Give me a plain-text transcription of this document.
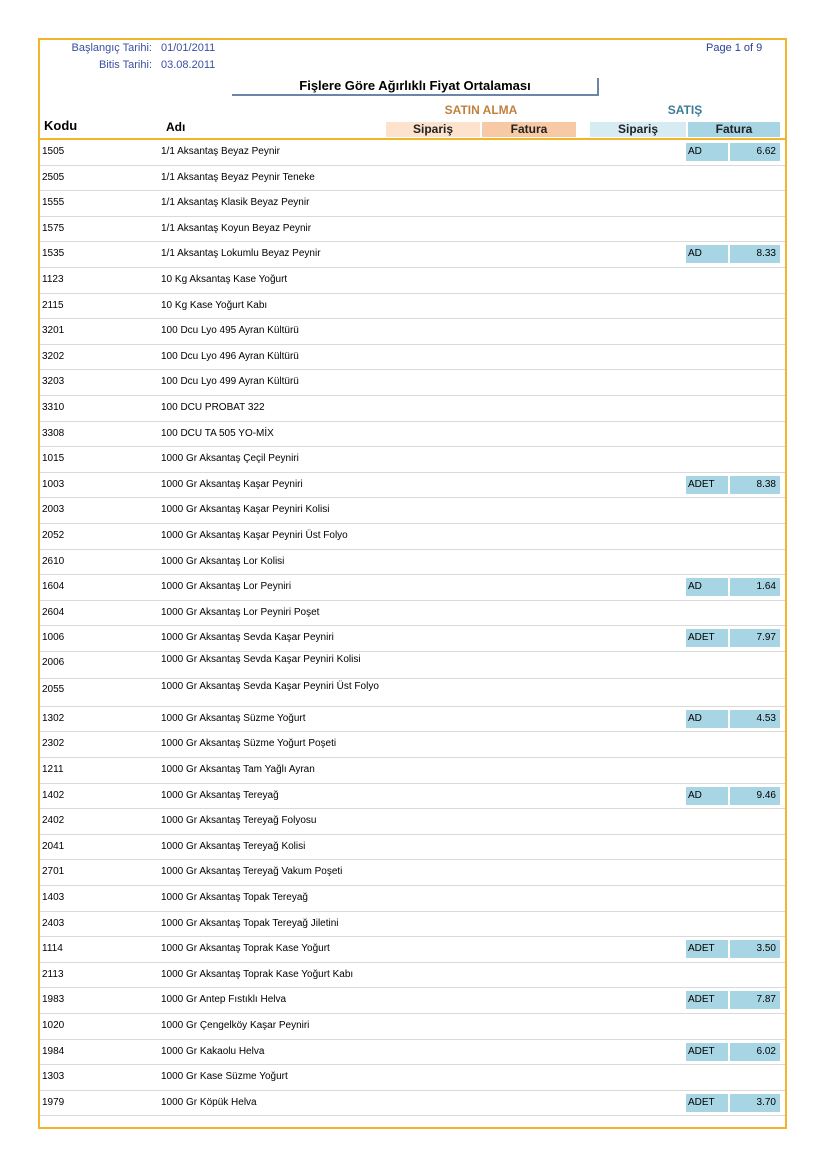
Başlangıç Tarihi: 01/01/2011
Bitis Tarihi: 03.08.2011
Page 1 of 9
Fişlere Göre Ağırlıklı Fiyat Ortalaması
Kodu	Adı
SATIN ALMA	SATIŞ
Sipariş	Fatura	Sipariş	Fatura
1505	1/1 Aksantaş Beyaz Peynir	AD	6.62
2505	1/1 Aksantaş Beyaz Peynir Teneke
1555	1/1 Aksantaş Klasik Beyaz Peynir
1575	1/1 Aksantaş Koyun Beyaz Peynir
1535	1/1 Aksantaş Lokumlu Beyaz Peynir	AD	8.33
1123	10 Kg Aksantaş Kase Yoğurt
2115	10 Kg Kase Yoğurt Kabı
3201	100 Dcu Lyo 495 Ayran Kültürü
3202	100 Dcu Lyo 496 Ayran Kültürü
3203	100 Dcu Lyo 499 Ayran Kültürü
3310	100 DCU PROBAT 322
3308	100 DCU TA 505 YO-MİX
1015	1000 Gr Aksantaş Çeçil Peyniri
1003	1000 Gr Aksantaş Kaşar Peyniri	ADET	8.38
2003	1000 Gr Aksantaş Kaşar Peyniri Kolisi
2052	1000 Gr Aksantaş Kaşar Peyniri Üst Folyo
2610	1000 Gr Aksantaş Lor Kolisi
1604	1000 Gr Aksantaş Lor Peyniri	AD	1.64
2604	1000 Gr Aksantaş Lor Peyniri Poşet
1006	1000 Gr Aksantaş Sevda Kaşar Peyniri	ADET	7.97
2006	1000 Gr Aksantaş Sevda Kaşar Peyniri Kolisi
2055	1000 Gr Aksantaş Sevda Kaşar Peyniri Üst Folyo
1302	1000 Gr Aksantaş Süzme Yoğurt	AD	4.53
2302	1000 Gr Aksantaş Süzme Yoğurt Poşeti
1211	1000 Gr Aksantaş Tam Yağlı Ayran
1402	1000 Gr Aksantaş Tereyağ	AD	9.46
2402	1000 Gr Aksantaş Tereyağ Folyosu
2041	1000 Gr Aksantaş Tereyağ Kolisi
2701	1000 Gr Aksantaş Tereyağ Vakum Poşeti
1403	1000 Gr Aksantaş Topak Tereyağ
2403	1000 Gr Aksantaş Topak Tereyağ Jiletini
1114	1000 Gr Aksantaş Toprak Kase Yoğurt	ADET	3.50
2113	1000 Gr Aksantaş Toprak Kase Yoğurt Kabı
1983	1000 Gr Antep Fıstıklı Helva	ADET	7.87
1020	1000 Gr Çengelköy Kaşar Peyniri
1984	1000 Gr Kakaolu Helva	ADET	6.02
1303	1000 Gr Kase Süzme Yoğurt
1979	1000 Gr Köpük Helva	ADET	3.70
